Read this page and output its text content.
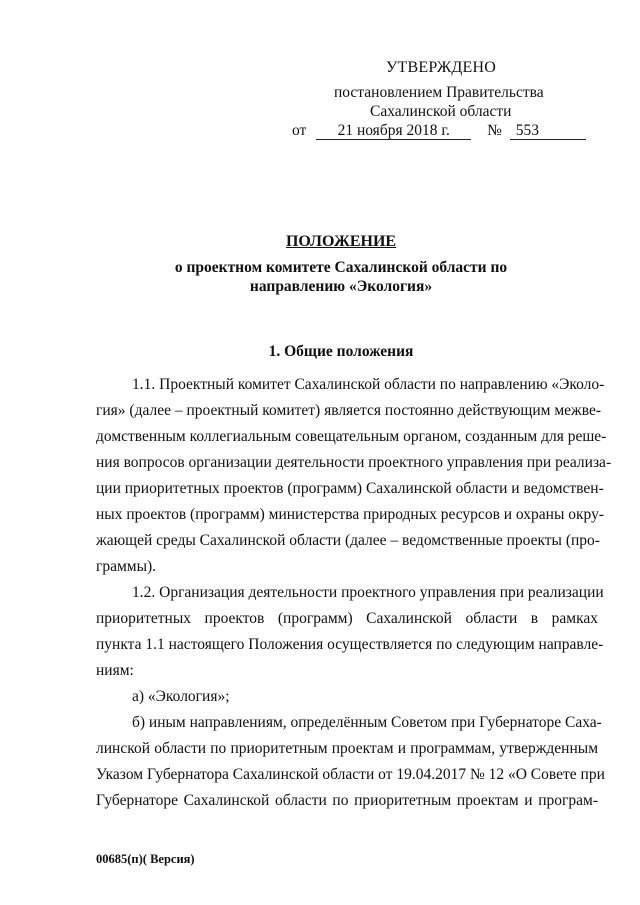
УТВЕРЖДЕНО
постановлением Правительства
Сахалинской области
от 21 ноября 2018 г. № 553
ПОЛОЖЕНИЕ
о проектном комитете Сахалинской области по
направлению «Экология»
1. Общие положения
1.1. Проектный комитет Сахалинской области по направлению «Эколо-
гия» (далее – проектный комитет) является постоянно действующим межве-
домственным коллегиальным совещательным органом, созданным для реше-
ния вопросов организации деятельности проектного управления при реализа-
ции приоритетных проектов (программ) Сахалинской области и ведомствен-
ных проектов (программ) министерства природных ресурсов и охраны окру-
жающей среды Сахалинской области (далее – ведомственные проекты (про-
граммы).
1.2. Организация деятельности проектного управления при реализации
приоритетных проектов (программ) Сахалинской области в рамках
пункта 1.1 настоящего Положения осуществляется по следующим направле-
ниям:
а) «Экология»;
б) иным направлениям, определённым Советом при Губернаторе Саха-
линской области по приоритетным проектам и программам, утвержденным
Указом Губернатора Сахалинской области от 19.04.2017 № 12 «О Совете при
Губернаторе Сахалинской области по приоритетным проектам и програм-
00685(п)( Версия)
